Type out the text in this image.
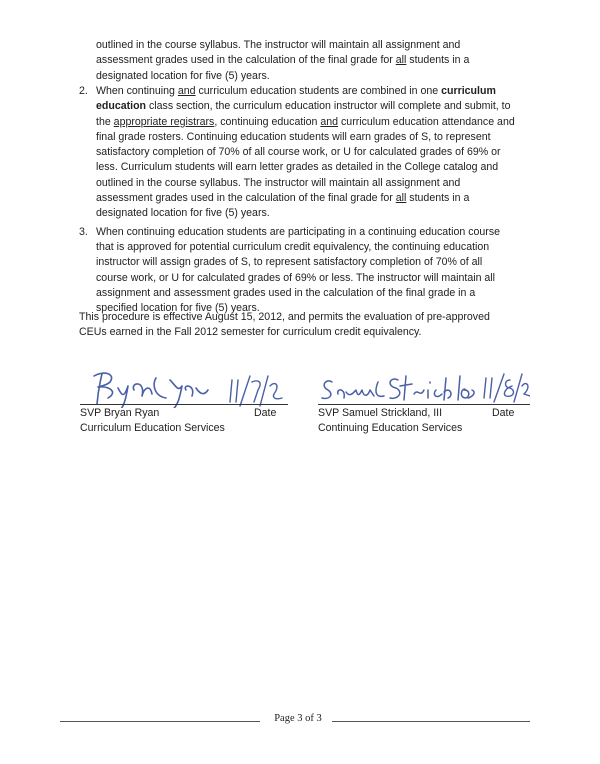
outlined in the course syllabus. The instructor will maintain all assignment and assessment grades used in the calculation of the final grade for all students in a designated location for five (5) years.
2. When continuing and curriculum education students are combined in one curriculum education class section, the curriculum education instructor will complete and submit, to the appropriate registrars, continuing education and curriculum education attendance and final grade rosters. Continuing education students will earn grades of S, to represent satisfactory completion of 70% of all course work, or U for calculated grades of 69% or less. Curriculum students will earn letter grades as detailed in the College catalog and outlined in the course syllabus. The instructor will maintain all assignment and assessment grades used in the calculation of the final grade for all students in a designated location for five (5) years.
3. When continuing education students are participating in a continuing education course that is approved for potential curriculum credit equivalency, the continuing education instructor will assign grades of S, to represent satisfactory completion of 70% of all course work, or U for calculated grades of 69% or less. The instructor will maintain all assignment and assessment grades used in the calculation of the final grade in a specified location for five (5) years.
This procedure is effective August 15, 2012, and permits the evaluation of pre-approved CEUs earned in the Fall 2012 semester for curriculum credit equivalency.
SVP Bryan Ryan	Date
Curriculum Education Services
SVP Samuel Strickland, III	Date
Continuing Education Services
Page 3 of 3
